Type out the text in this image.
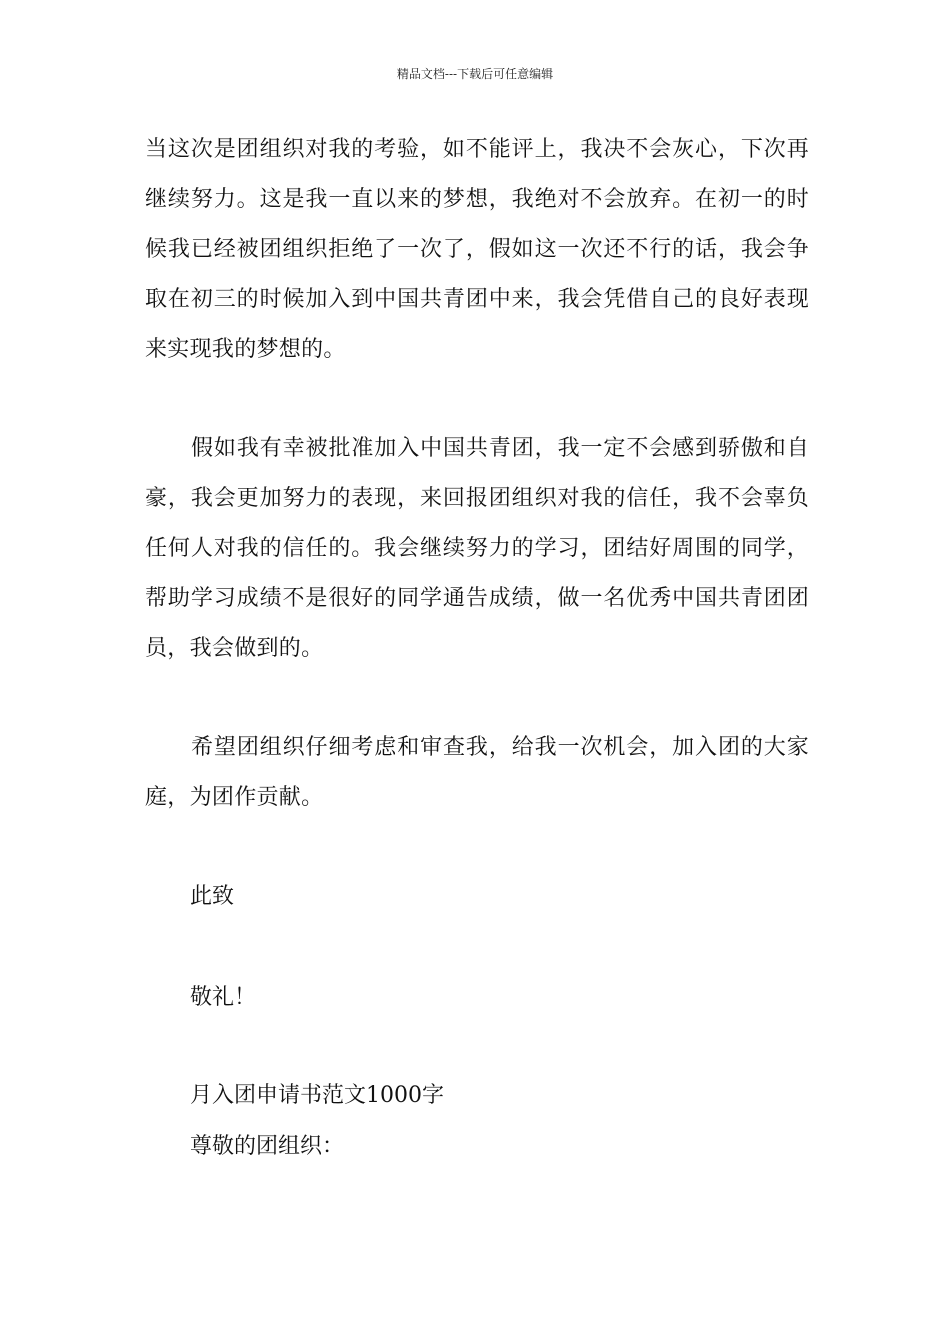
精品文档---下载后可任意编辑

当这次是团组织对我的考验，如不能评上，我决不会灰心，下次再继续努力。这是我一直以来的梦想，我绝对不会放弃。在初一的时候我已经被团组织拒绝了一次了，假如这一次还不行的话，我会争取在初三的时候加入到中国共青团中来，我会凭借自己的良好表现来实现我的梦想的。

假如我有幸被批准加入中国共青团，我一定不会感到骄傲和自豪，我会更加努力的表现，来回报团组织对我的信任，我不会辜负任何人对我的信任的。我会继续努力的学习，团结好周围的同学，帮助学习成绩不是很好的同学通告成绩，做一名优秀中国共青团团员，我会做到的。

希望团组织仔细考虑和审查我，给我一次机会，加入团的大家庭，为团作贡献。

此致

敬礼！

月入团申请书范文1000字

尊敬的团组织：
